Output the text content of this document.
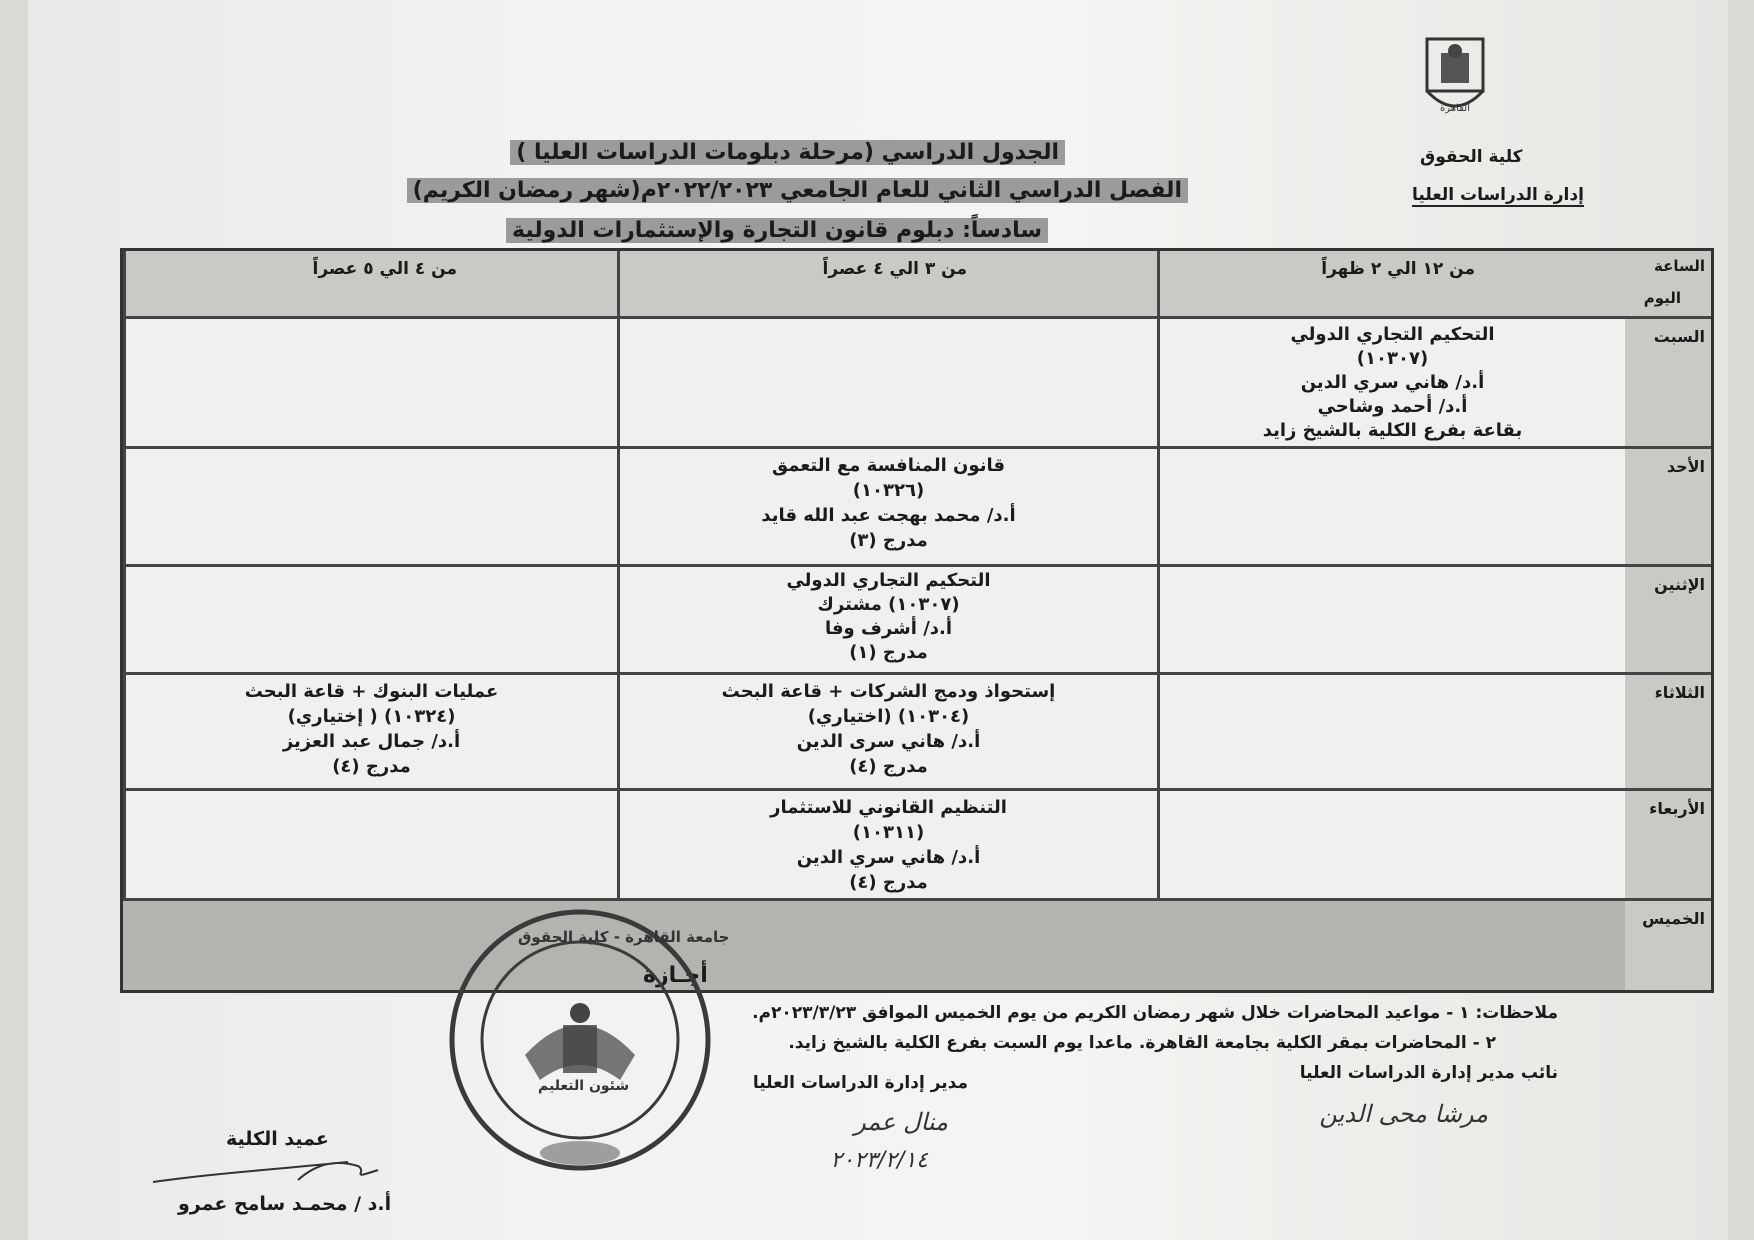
القاهرة
كلية الحقوق
إدارة الدراسات العليا
الجدول الدراسي (مرحلة دبلومات الدراسات العليا )
الفصل الدراسي الثاني للعام الجامعي ٢٠٢٢/٢٠٢٣م(شهر رمضان الكريم)
سادساً: دبلوم قانون التجارة والإستثمارات الدولية
الساعة
اليوم
من ١٢ الي ٢ ظهراً
من ٣ الي ٤ عصراً
من ٤ الي ٥ عصراً
السبت
التحكيم التجاري الدولي
(١٠٣٠٧)
أ.د/ هاني سري الدين
أ.د/ أحمد وشاحي
بقاعة بفرع الكلية بالشيخ زايد
الأحد
قانون المنافسة مع التعمق
(١٠٣٢٦)
أ.د/ محمد بهجت عبد الله قايد
مدرج (٣)
الإثنين
التحكيم التجاري الدولي
(١٠٣٠٧) مشترك
أ.د/ أشرف وفا
مدرج (١)
الثلاثاء
إستحواذ ودمج الشركات + قاعة البحث
(١٠٣٠٤) (اختياري)
أ.د/ هاني سرى الدين
مدرج (٤)
عمليات البنوك + قاعة البحث
(١٠٣٢٤) ( إختياري)
أ.د/ جمال عبد العزيز
مدرج (٤)
الأربعاء
التنظيم القانوني للاستثمار
(١٠٣١١)
أ.د/ هاني سري الدين
مدرج (٤)
الخميس
أجـازة
ملاحظات: ١ - مواعيد المحاضرات خلال شهر رمضان الكريم من يوم الخميس الموافق ٢٠٢٣/٣/٢٣م.
٢ - المحاضرات بمقر الكلية بجامعة القاهرة. ماعدا يوم السبت بفرع الكلية بالشيخ زايد.
نائب مدير إدارة الدراسات العليا
مدير إدارة الدراسات العليا
مرشا محى الدين
منال عمر
٢٠٢٣/٢/١٤
عميد الكلية
أ.د / محمـد سامح عمرو
جامعة القاهرة - كلية الحقوق
شئون التعليم
